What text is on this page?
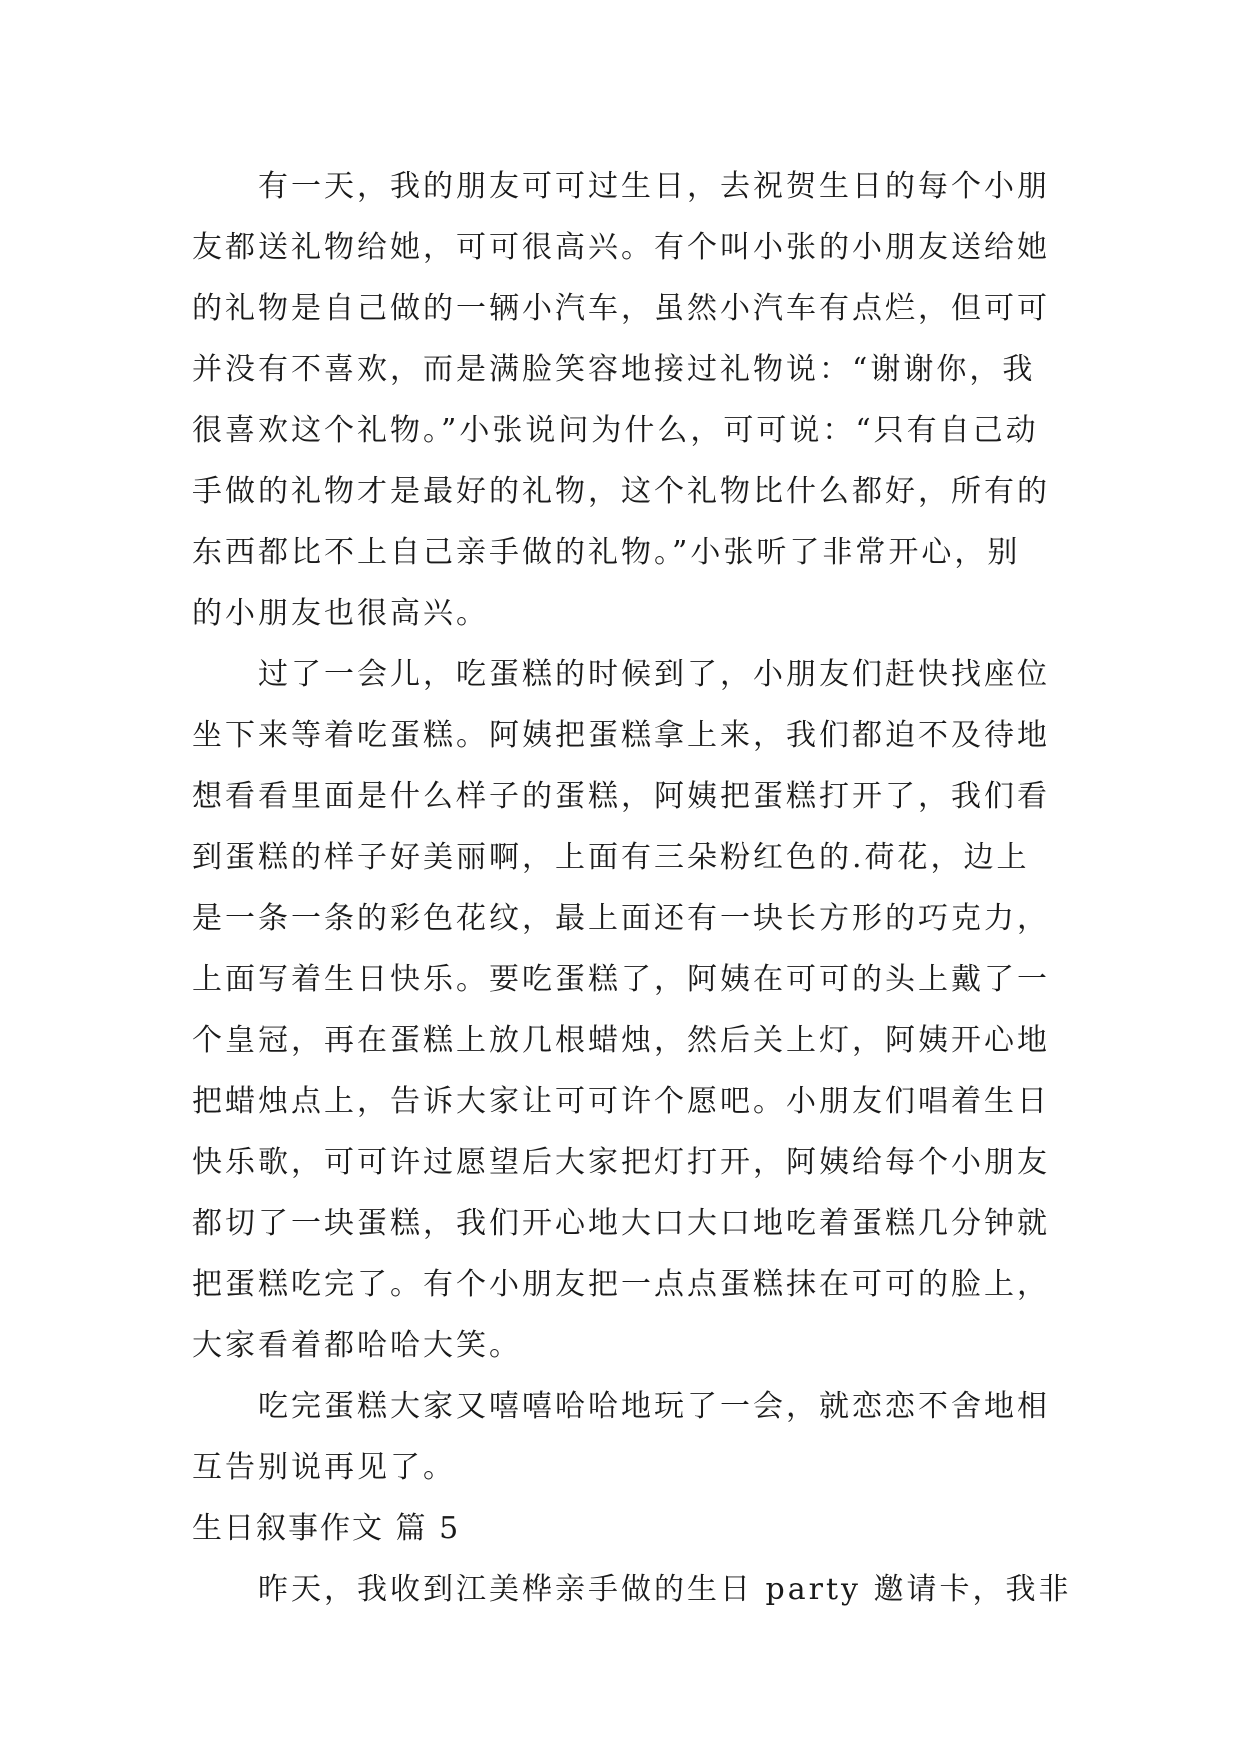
有一天，我的朋友可可过生日，去祝贺生日的每个小朋
友都送礼物给她，可可很高兴。有个叫小张的小朋友送给她
的礼物是自己做的一辆小汽车，虽然小汽车有点烂，但可可
并没有不喜欢，而是满脸笑容地接过礼物说：“谢谢你，我
很喜欢这个礼物。”小张说问为什么，可可说：“只有自己动
手做的礼物才是最好的礼物，这个礼物比什么都好，所有的
东西都比不上自己亲手做的礼物。”小张听了非常开心，别
的小朋友也很高兴。
过了一会儿，吃蛋糕的时候到了，小朋友们赶快找座位
坐下来等着吃蛋糕。阿姨把蛋糕拿上来，我们都迫不及待地
想看看里面是什么样子的蛋糕，阿姨把蛋糕打开了，我们看
到蛋糕的样子好美丽啊，上面有三朵粉红色的.荷花，边上
是一条一条的彩色花纹，最上面还有一块长方形的巧克力，
上面写着生日快乐。要吃蛋糕了，阿姨在可可的头上戴了一
个皇冠，再在蛋糕上放几根蜡烛，然后关上灯，阿姨开心地
把蜡烛点上，告诉大家让可可许个愿吧。小朋友们唱着生日
快乐歌，可可许过愿望后大家把灯打开，阿姨给每个小朋友
都切了一块蛋糕，我们开心地大口大口地吃着蛋糕几分钟就
把蛋糕吃完了。有个小朋友把一点点蛋糕抹在可可的脸上，
大家看着都哈哈大笑。
吃完蛋糕大家又嘻嘻哈哈地玩了一会，就恋恋不舍地相
互告别说再见了。
生日叙事作文 篇 5
昨天，我收到江美桦亲手做的生日 party 邀请卡，我非
